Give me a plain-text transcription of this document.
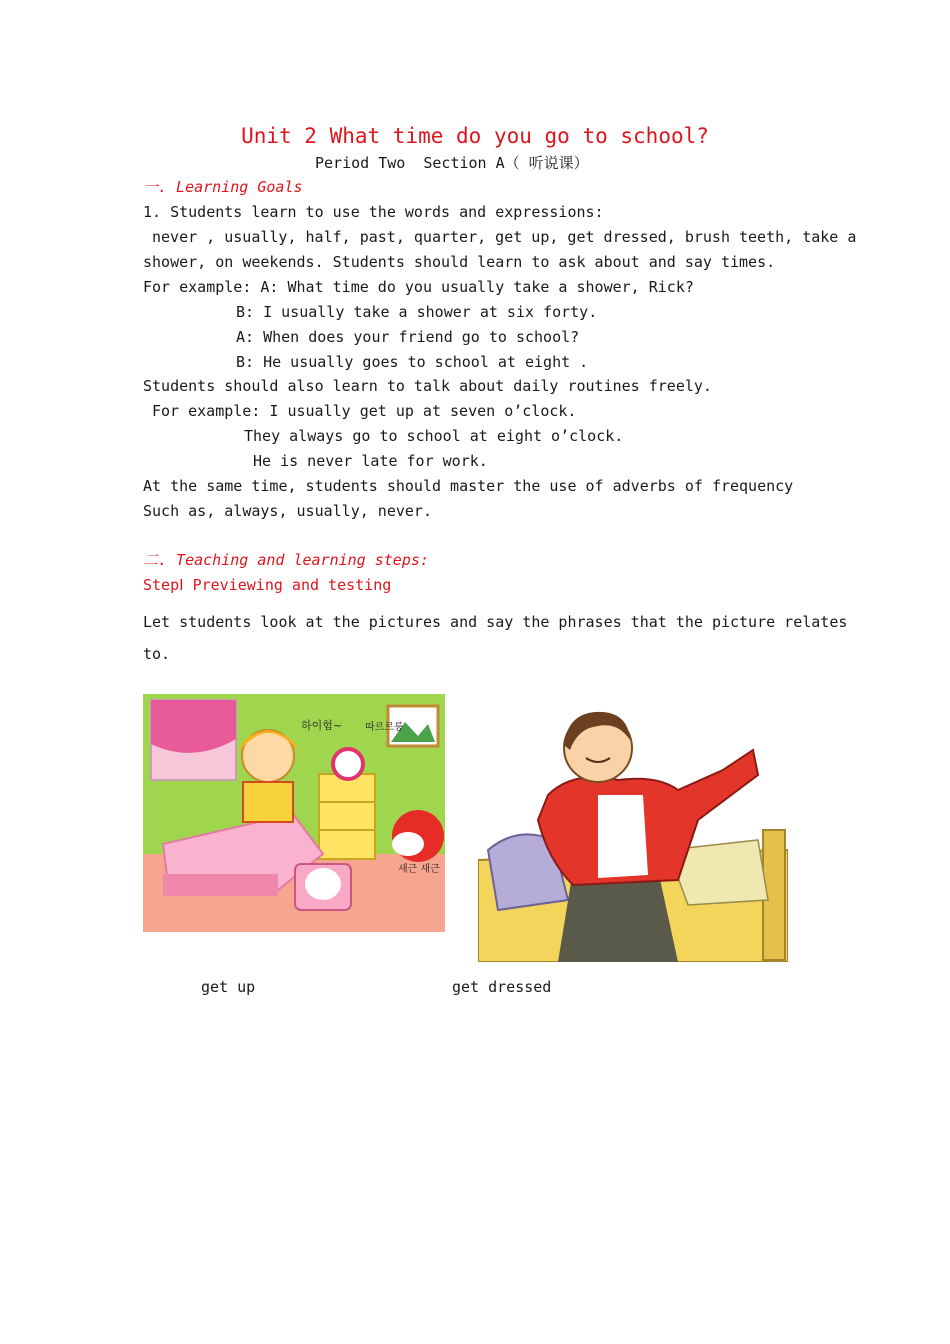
Unit 2 What time do you go to school?
Period Two  Section A（ 听说课）
一. Learning Goals
1. Students learn to use the words and expressions:
never , usually, half, past, quarter, get up, get dressed, brush teeth, take a
shower, on weekends. Students should learn to ask about and say times.
For example: A: What time do you usually take a shower, Rick?
B: I usually take a shower at six forty.
A: When does your friend go to school?
B: He usually goes to school at eight .
Students should also learn to talk about daily routines freely.
For example: I usually get up at seven o’clock.
They always go to school at eight o’clock.
He is never late for work.
At the same time, students should master the use of adverbs of frequency
Such as, always, usually, never.
二. Teaching and learning steps:
StepⅠ Previewing and testing
Let students look at the pictures and say the phrases that the picture relates
to.
하이험~ 따르르릉
새근 새근
get up	get dressed
